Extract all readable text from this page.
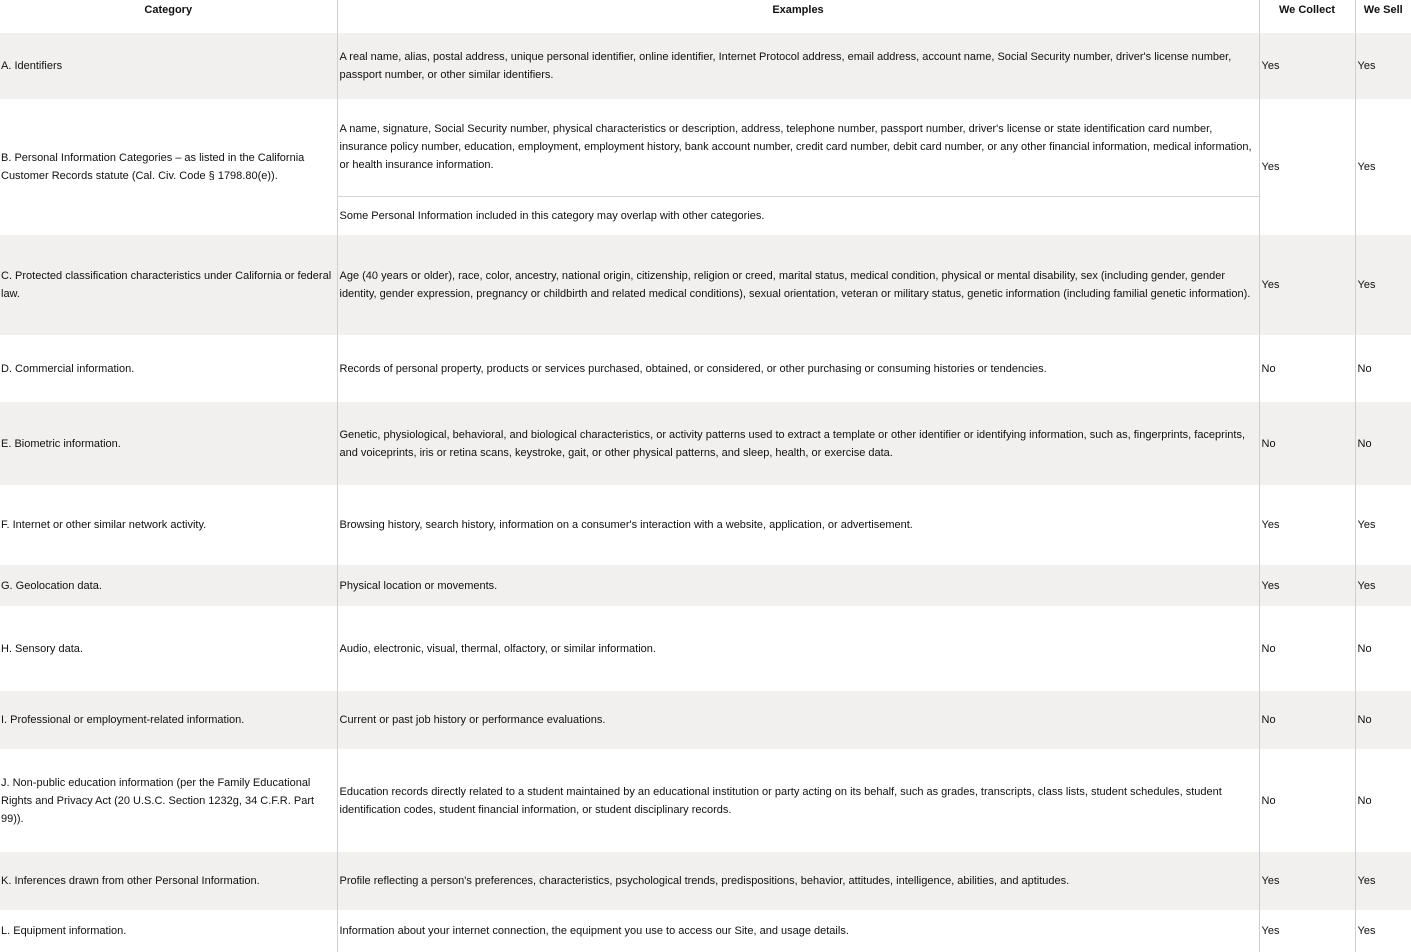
Category	Examples	We Collect	We Sell
A. Identifiers	A real name, alias, postal address, unique personal identifier, online identifier, Internet Protocol address, email address, account name, Social Security number, driver's license number, passport number, or other similar identifiers.	Yes	Yes
B. Personal Information Categories – as listed in the California Customer Records statute (Cal. Civ. Code § 1798.80(e)).	A name, signature, Social Security number, physical characteristics or description, address, telephone number, passport number, driver's license or state identification card number, insurance policy number, education, employment, employment history, bank account number, credit card number, debit card number, or any other financial information, medical information, or health insurance information.	Yes	Yes
	Some Personal Information included in this category may overlap with other categories.		
C. Protected classification characteristics under California or federal law.	Age (40 years or older), race, color, ancestry, national origin, citizenship, religion or creed, marital status, medical condition, physical or mental disability, sex (including gender, gender identity, gender expression, pregnancy or childbirth and related medical conditions), sexual orientation, veteran or military status, genetic information (including familial genetic information).	Yes	Yes
D. Commercial information.	Records of personal property, products or services purchased, obtained, or considered, or other purchasing or consuming histories or tendencies.	No	No
E. Biometric information.	Genetic, physiological, behavioral, and biological characteristics, or activity patterns used to extract a template or other identifier or identifying information, such as, fingerprints, faceprints, and voiceprints, iris or retina scans, keystroke, gait, or other physical patterns, and sleep, health, or exercise data.	No	No
F. Internet or other similar network activity.	Browsing history, search history, information on a consumer's interaction with a website, application, or advertisement.	Yes	Yes
G. Geolocation data.	Physical location or movements.	Yes	Yes
H. Sensory data.	Audio, electronic, visual, thermal, olfactory, or similar information.	No	No
I. Professional or employment-related information.	Current or past job history or performance evaluations.	No	No
J. Non-public education information (per the Family Educational Rights and Privacy Act (20 U.S.C. Section 1232g, 34 C.F.R. Part 99)).	Education records directly related to a student maintained by an educational institution or party acting on its behalf, such as grades, transcripts, class lists, student schedules, student identification codes, student financial information, or student disciplinary records.	No	No
K. Inferences drawn from other Personal Information.	Profile reflecting a person's preferences, characteristics, psychological trends, predispositions, behavior, attitudes, intelligence, abilities, and aptitudes.	Yes	Yes
L. Equipment information.	Information about your internet connection, the equipment you use to access our Site, and usage details.	Yes	Yes
